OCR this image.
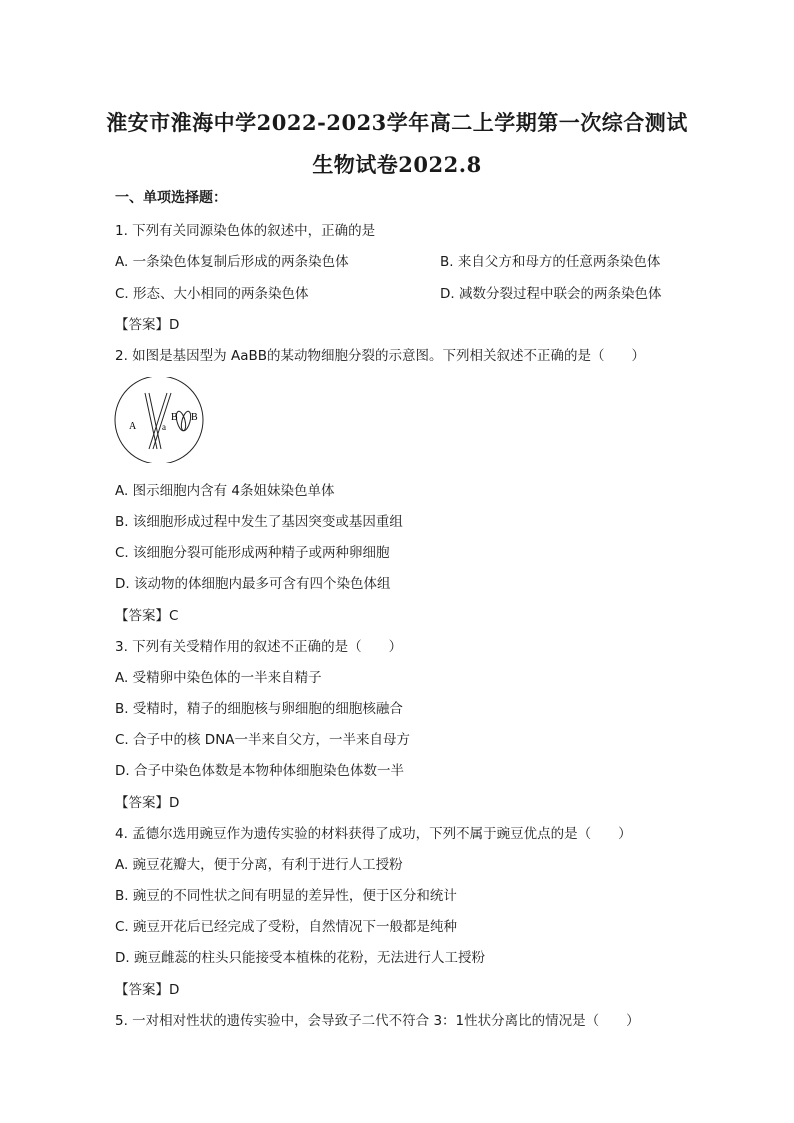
淮安市淮海中学2022-2023学年高二上学期第一次综合测试
生物试卷2022.8
一、单项选择题：
1. 下列有关同源染色体的叙述中，正确的是
A. 一条染色体复制后形成的两条染色体	B. 来自父方和母方的任意两条染色体
C. 形态、大小相同的两条染色体	D. 减数分裂过程中联会的两条染色体
【答案】D
2. 如图是基因型为 AaBB的某动物细胞分裂的示意图。下列相关叙述不正确的是（　　）
A	a
B B
A. 图示细胞内含有 4条姐妹染色单体
B. 该细胞形成过程中发生了基因突变或基因重组
C. 该细胞分裂可能形成两种精子或两种卵细胞
D. 该动物的体细胞内最多可含有四个染色体组
【答案】C
3. 下列有关受精作用的叙述不正确的是（　　）
A. 受精卵中染色体的一半来自精子
B. 受精时，精子的细胞核与卵细胞的细胞核融合
C. 合子中的核 DNA一半来自父方，一半来自母方
D. 合子中染色体数是本物种体细胞染色体数一半
【答案】D
4. 孟德尔选用豌豆作为遗传实验的材料获得了成功，下列不属于豌豆优点的是（　　）
A. 豌豆花瓣大，便于分离，有利于进行人工授粉
B. 豌豆的不同性状之间有明显的差异性，便于区分和统计
C. 豌豆开花后已经完成了受粉，自然情况下一般都是纯种
D. 豌豆雌蕊的柱头只能接受本植株的花粉，无法进行人工授粉
【答案】D
5. 一对相对性状的遗传实验中，会导致子二代不符合 3：1性状分离比的情况是（　　）
